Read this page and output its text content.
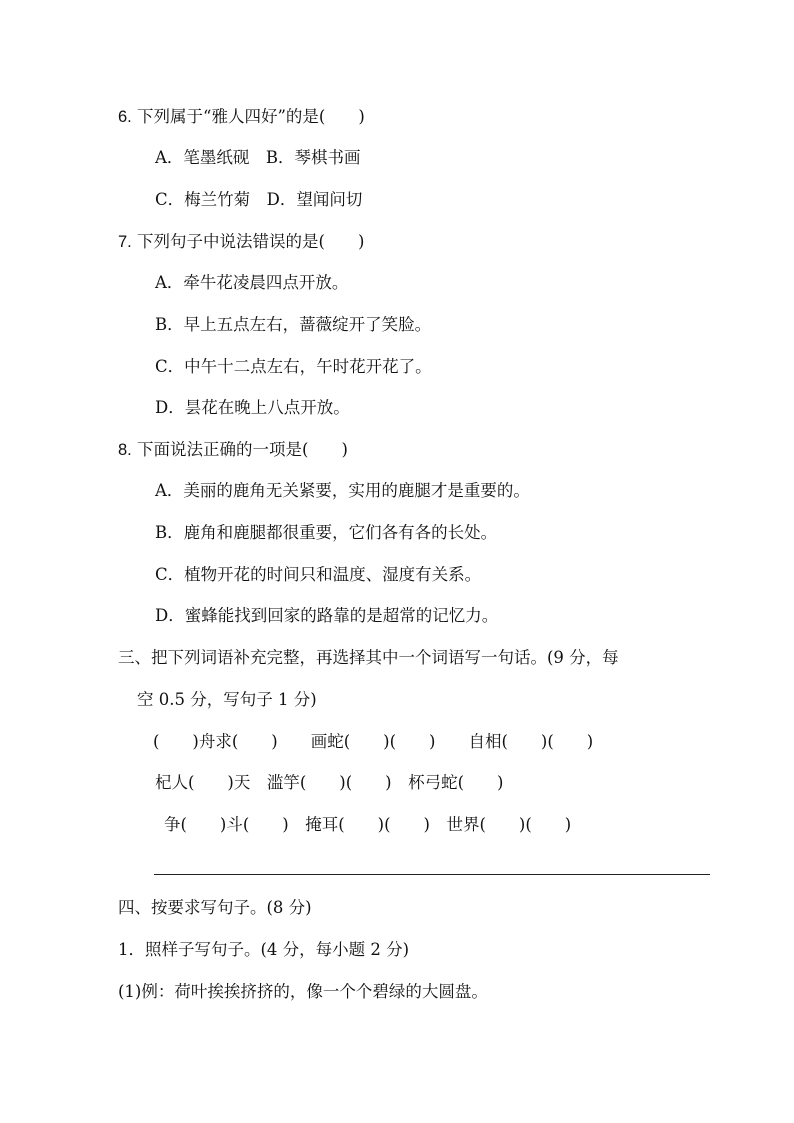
6. 下列属于“雅人四好”的是(　　)
A．笔墨纸砚　B．琴棋书画
C．梅兰竹菊　D．望闻问切
7. 下列句子中说法错误的是(　　)
A．牵牛花凌晨四点开放。
B．早上五点左右，蔷薇绽开了笑脸。
C．中午十二点左右，午时花开花了。
D．昙花在晚上八点开放。
8. 下面说法正确的一项是(　　)
A．美丽的鹿角无关紧要，实用的鹿腿才是重要的。
B．鹿角和鹿腿都很重要，它们各有各的长处。
C．植物开花的时间只和温度、湿度有关系。
D．蜜蜂能找到回家的路靠的是超常的记忆力。
三、把下列词语补充完整，再选择其中一个词语写一句话。(9 分，每
空 0.5 分，写句子 1 分)
(　　)舟求(　　)　　画蛇(　　)(　　)　　自相(　　)(　　)
杞人(　　)天　滥竽(　　)(　　)　杯弓蛇(　　)
争(　　)斗(　　)　掩耳(　　)(　　)　世界(　　)(　　)
四、按要求写句子。(8 分)
1．照样子写句子。(4 分，每小题 2 分)
(1)例：荷叶挨挨挤挤的，像一个个碧绿的大圆盘。
